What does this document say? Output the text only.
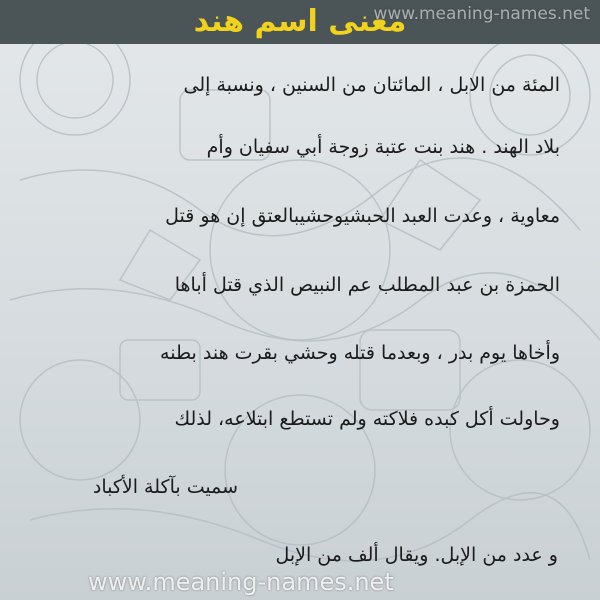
معنى اسم هند
www.meaning-names.net
المئة من الابل ، المائتان من السنين ، ونسبة إلى
بلاد الهند . هند بنت عتبة زوجة أبي سفيان وأم
معاوية ، وعدت العبد الحبشيوحشيبالعتق إن هو قتل
الحمزة بن عبد المطلب عم النبيص الذي قتل أباها
وأخاها يوم بدر ، وبعدما قتله وحشي بقرت هند بطنه
وحاولت أكل كبده فلاكته ولم تستطع ابتلاعه، لذلك
سميت بآكلة الأكباد
و عدد من الإبل. ويقال ألف من الإبل
www.meaning-names.net
